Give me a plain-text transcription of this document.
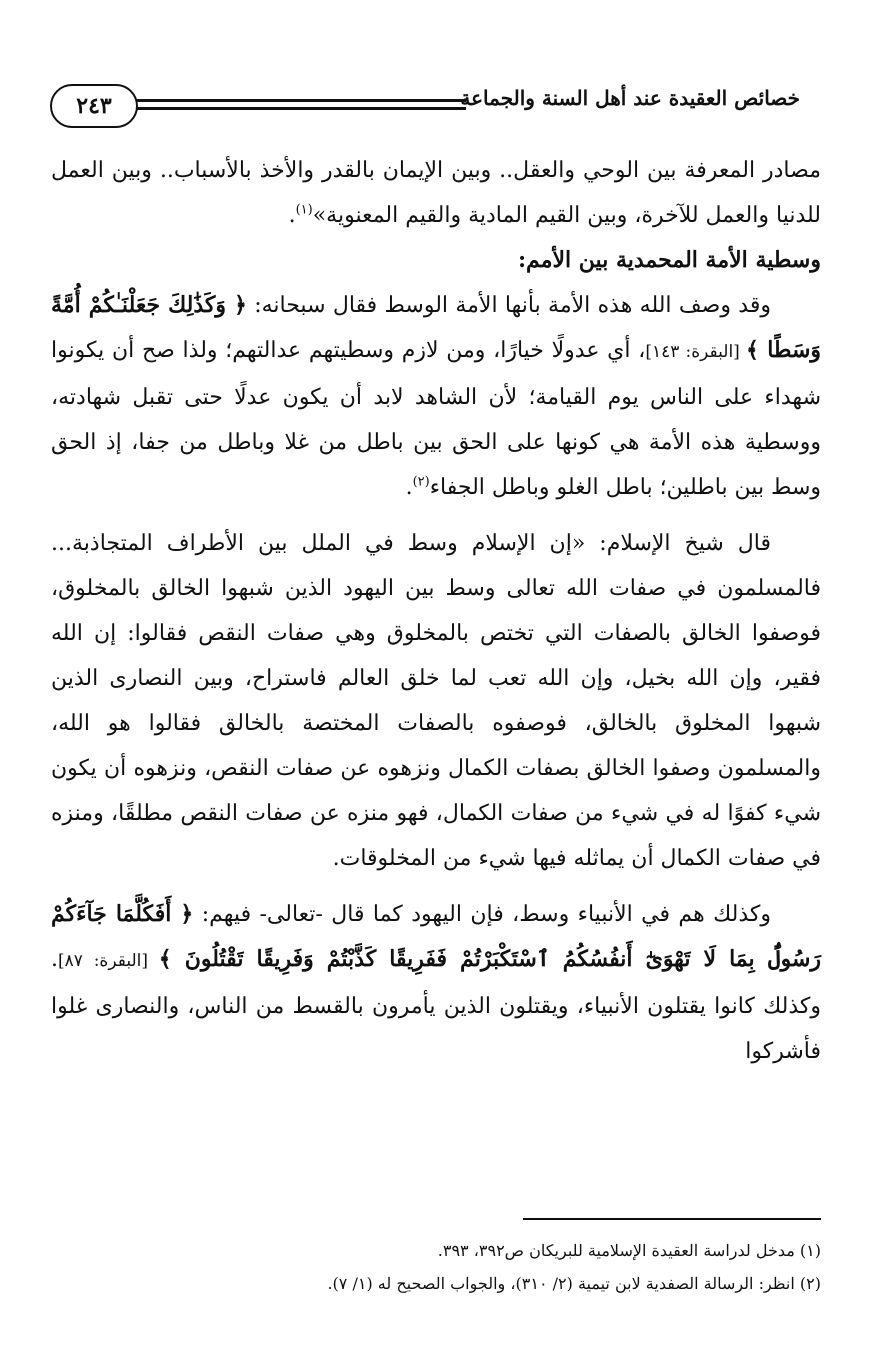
٢٤٣	خصائص العقيدة عند أهل السنة والجماعة

مصادر المعرفة بين الوحي والعقل.. وبين الإيمان بالقدر والأخذ بالأسباب.. وبين العمل للدنيا والعمل للآخرة، وبين القيم المادية والقيم المعنوية»$^{(١)}$.

وسطية الأمة المحمدية بين الأمم:

وقد وصف الله هذه الأمة بأنها الأمة الوسط فقال سبحانه: ﴿ وَكَذَٰلِكَ جَعَلْنَـٰكُمْ أُمَّةً وَسَطًا ﴾ [البقرة: ١٤٣]، أي عدولًا خيارًا، ومن لازم وسطيتهم عدالتهم؛ ولذا صح أن يكونوا شهداء على الناس يوم القيامة؛ لأن الشاهد لابد أن يكون عدلًا حتى تقبل شهادته، ووسطية هذه الأمة هي كونها على الحق بين باطل من غلا وباطل من جفا، إذ الحق وسط بين باطلين؛ باطل الغلو وباطل الجفاء$^{(٢)}$.

قال شيخ الإسلام: «إن الإسلام وسط في الملل بين الأطراف المتجاذبة... فالمسلمون في صفات الله تعالى وسط بين اليهود الذين شبهوا الخالق بالمخلوق، فوصفوا الخالق بالصفات التي تختص بالمخلوق وهي صفات النقص فقالوا: إن الله فقير، وإن الله بخيل، وإن الله تعب لما خلق العالم فاستراح، وبين النصارى الذين شبهوا المخلوق بالخالق، فوصفوه بالصفات المختصة بالخالق فقالوا هو الله، والمسلمون وصفوا الخالق بصفات الكمال ونزهوه عن صفات النقص، ونزهوه أن يكون شيء كفوًا له في شيء من صفات الكمال، فهو منزه عن صفات النقص مطلقًا، ومنزه في صفات الكمال أن يماثله فيها شيء من المخلوقات.

وكذلك هم في الأنبياء وسط، فإن اليهود كما قال -تعالى- فيهم: ﴿ أَفَكُلَّمَا جَآءَكُمْ رَسُولٌۢ بِمَا لَا تَهْوَىٰٓ أَنفُسُكُمُ ٱسْتَكْبَرْتُمْ فَفَرِيقًا كَذَّبْتُمْ وَفَرِيقًا تَقْتُلُونَ ﴾ [البقرة: ٨٧]. وكذلك كانوا يقتلون الأنبياء، ويقتلون الذين يأمرون بالقسط من الناس، والنصارى غلوا فأشركوا

(١) مدخل لدراسة العقيدة الإسلامية للبريكان ص٣٩٢، ٣٩٣.

(٢) انظر: الرسالة الصفدية لابن تيمية (٢/ ٣١٠)، والجواب الصحيح له (١/ ٧).
